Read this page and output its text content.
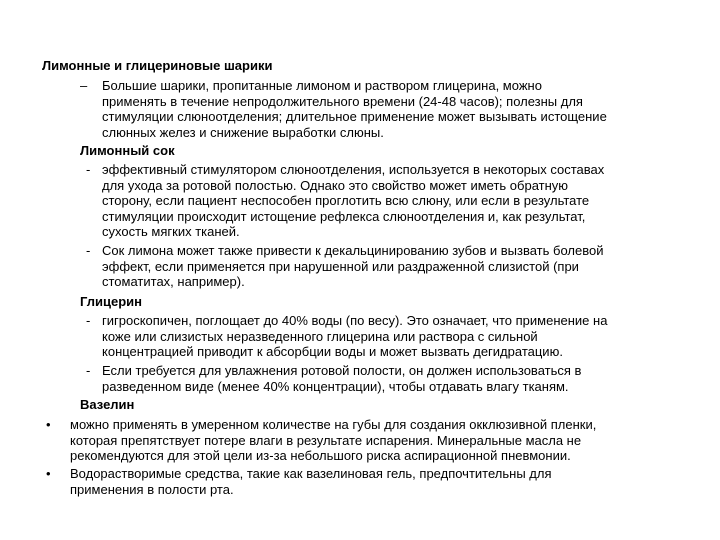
Лимонные и глицериновые шарики
–	Большие шарики, пропитанные лимоном и раствором глицерина, можно
применять в течение непродолжительного времени (24-48 часов); полезны для
стимуляции слюноотделения; длительное применение может вызывать истощение
слюнных желез и снижение выработки слюны.
Лимонный сок
- эффективный стимулятором слюноотделения, используется в некоторых составах
для ухода за ротовой полостью. Однако это свойство может иметь обратную
сторону, если пациент неспособен проглотить всю слюну, или если в результате
стимуляции происходит истощение рефлекса слюноотделения и, как результат,
сухость мягких тканей.
- Сок лимона может также привести к декальцинированию зубов и вызвать болевой
эффект, если применяется при нарушенной или раздраженной слизистой (при
стоматитах, например).
Глицерин
- гигроскопичен, поглощает до 40% воды (по весу). Это означает, что применение на
коже или слизистых неразведенного глицерина или раствора с сильной
концентрацией приводит к абсорбции воды и может вызвать дегидратацию.
- Если требуется для увлажнения ротовой полости, он должен использоваться в
разведенном виде (менее 40% концентрации), чтобы отдавать влагу тканям.
Вазелин
•	можно применять в умеренном количестве на губы для создания окклюзивной пленки,
которая препятствует потере влаги в результате испарения. Минеральные масла не
рекомендуются для этой цели из-за небольшого риска аспирационной пневмонии.
•	Водорастворимые средства, такие как вазелиновая гель, предпочтительны для
применения в полости рта.
